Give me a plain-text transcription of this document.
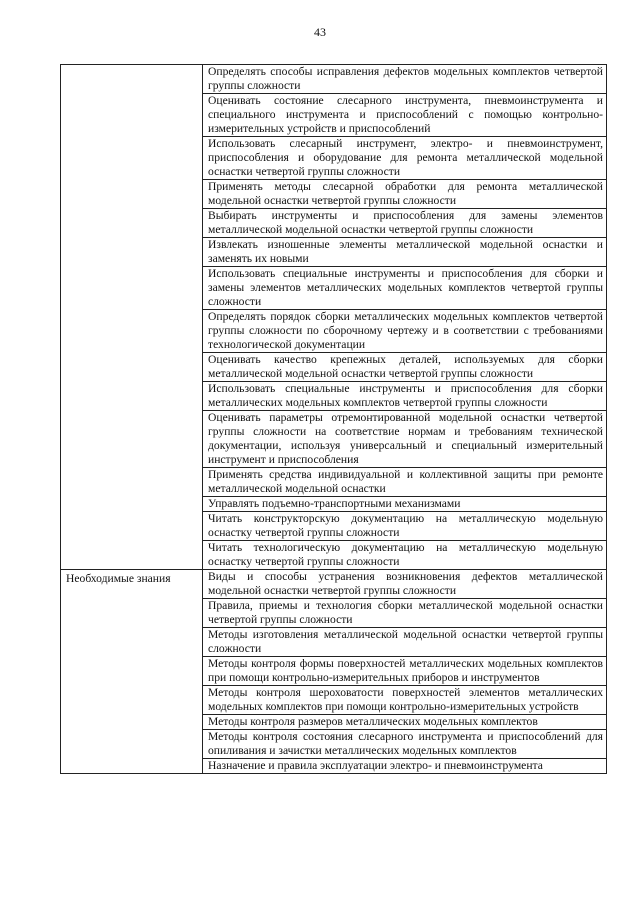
43
	Определять способы исправления дефектов модельных комплектов четвертой группы сложности
	Оценивать состояние слесарного инструмента, пневмоинструмента и специального инструмента и приспособлений с помощью контрольно-измерительных устройств и приспособлений
	Использовать слесарный инструмент, электро- и пневмоинструмент, приспособления и оборудование для ремонта металлической модельной оснастки четвертой группы сложности
	Применять методы слесарной обработки для ремонта металлической модельной оснастки четвертой группы сложности
	Выбирать инструменты и приспособления для замены элементов металлической модельной оснастки четвертой группы сложности
	Извлекать изношенные элементы металлической модельной оснастки и заменять их новыми
	Использовать специальные инструменты и приспособления для сборки и замены элементов металлических модельных комплектов четвертой группы сложности
	Определять порядок сборки металлических модельных комплектов четвертой группы сложности по сборочному чертежу и в соответствии с требованиями технологической документации
	Оценивать качество крепежных деталей, используемых для сборки металлической модельной оснастки четвертой группы сложности
	Использовать специальные инструменты и приспособления для сборки металлических модельных комплектов четвертой группы сложности
	Оценивать параметры отремонтированной модельной оснастки четвертой группы сложности на соответствие нормам и требованиям технической документации, используя универсальный и специальный измерительный инструмент и приспособления
	Применять средства индивидуальной и коллективной защиты при ремонте металлической модельной оснастки
	Управлять подъемно-транспортными механизмами
	Читать конструкторскую документацию на металлическую модельную оснастку четвертой группы сложности
	Читать технологическую документацию на металлическую модельную оснастку четвертой группы сложности
Необходимые знания	Виды и способы устранения возникновения дефектов металлической модельной оснастки четвертой группы сложности
	Правила, приемы и технология сборки металлической модельной оснастки четвертой группы сложности
	Методы изготовления металлической модельной оснастки четвертой группы сложности
	Методы контроля формы поверхностей металлических модельных комплектов при помощи контрольно-измерительных приборов и инструментов
	Методы контроля шероховатости поверхностей элементов металлических модельных комплектов при помощи контрольно-измерительных устройств
	Методы контроля размеров металлических модельных комплектов
	Методы контроля состояния слесарного инструмента и приспособлений для опиливания и зачистки металлических модельных комплектов
	Назначение и правила эксплуатации электро- и пневмоинструмента
